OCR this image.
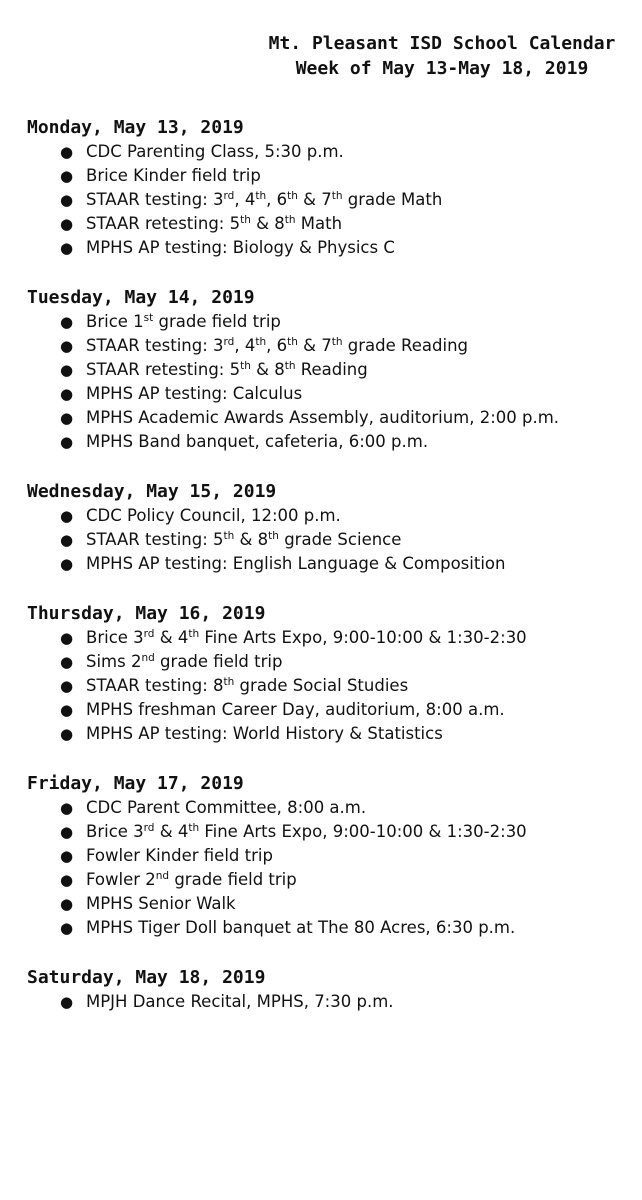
Mt. Pleasant ISD School Calendar
Week of May 13-May 18, 2019
Monday, May 13, 2019
● CDC Parenting Class, 5:30 p.m.
● Brice Kinder field trip
● STAAR testing: 3rd, 4th, 6th & 7th grade Math
● STAAR retesting: 5th & 8th Math
● MPHS AP testing: Biology & Physics C
Tuesday, May 14, 2019
● Brice 1st grade field trip
● STAAR testing: 3rd, 4th, 6th & 7th grade Reading
● STAAR retesting: 5th & 8th Reading
● MPHS AP testing: Calculus
● MPHS Academic Awards Assembly, auditorium, 2:00 p.m.
● MPHS Band banquet, cafeteria, 6:00 p.m.
Wednesday, May 15, 2019
● CDC Policy Council, 12:00 p.m.
● STAAR testing: 5th & 8th grade Science
● MPHS AP testing: English Language & Composition
Thursday, May 16, 2019
● Brice 3rd & 4th Fine Arts Expo, 9:00-10:00 & 1:30-2:30
● Sims 2nd grade field trip
● STAAR testing: 8th grade Social Studies
● MPHS freshman Career Day, auditorium, 8:00 a.m.
● MPHS AP testing: World History & Statistics
Friday, May 17, 2019
● CDC Parent Committee, 8:00 a.m.
● Brice 3rd & 4th Fine Arts Expo, 9:00-10:00 & 1:30-2:30
● Fowler Kinder field trip
● Fowler 2nd grade field trip
● MPHS Senior Walk
● MPHS Tiger Doll banquet at The 80 Acres, 6:30 p.m.
Saturday, May 18, 2019
● MPJH Dance Recital, MPHS, 7:30 p.m.
